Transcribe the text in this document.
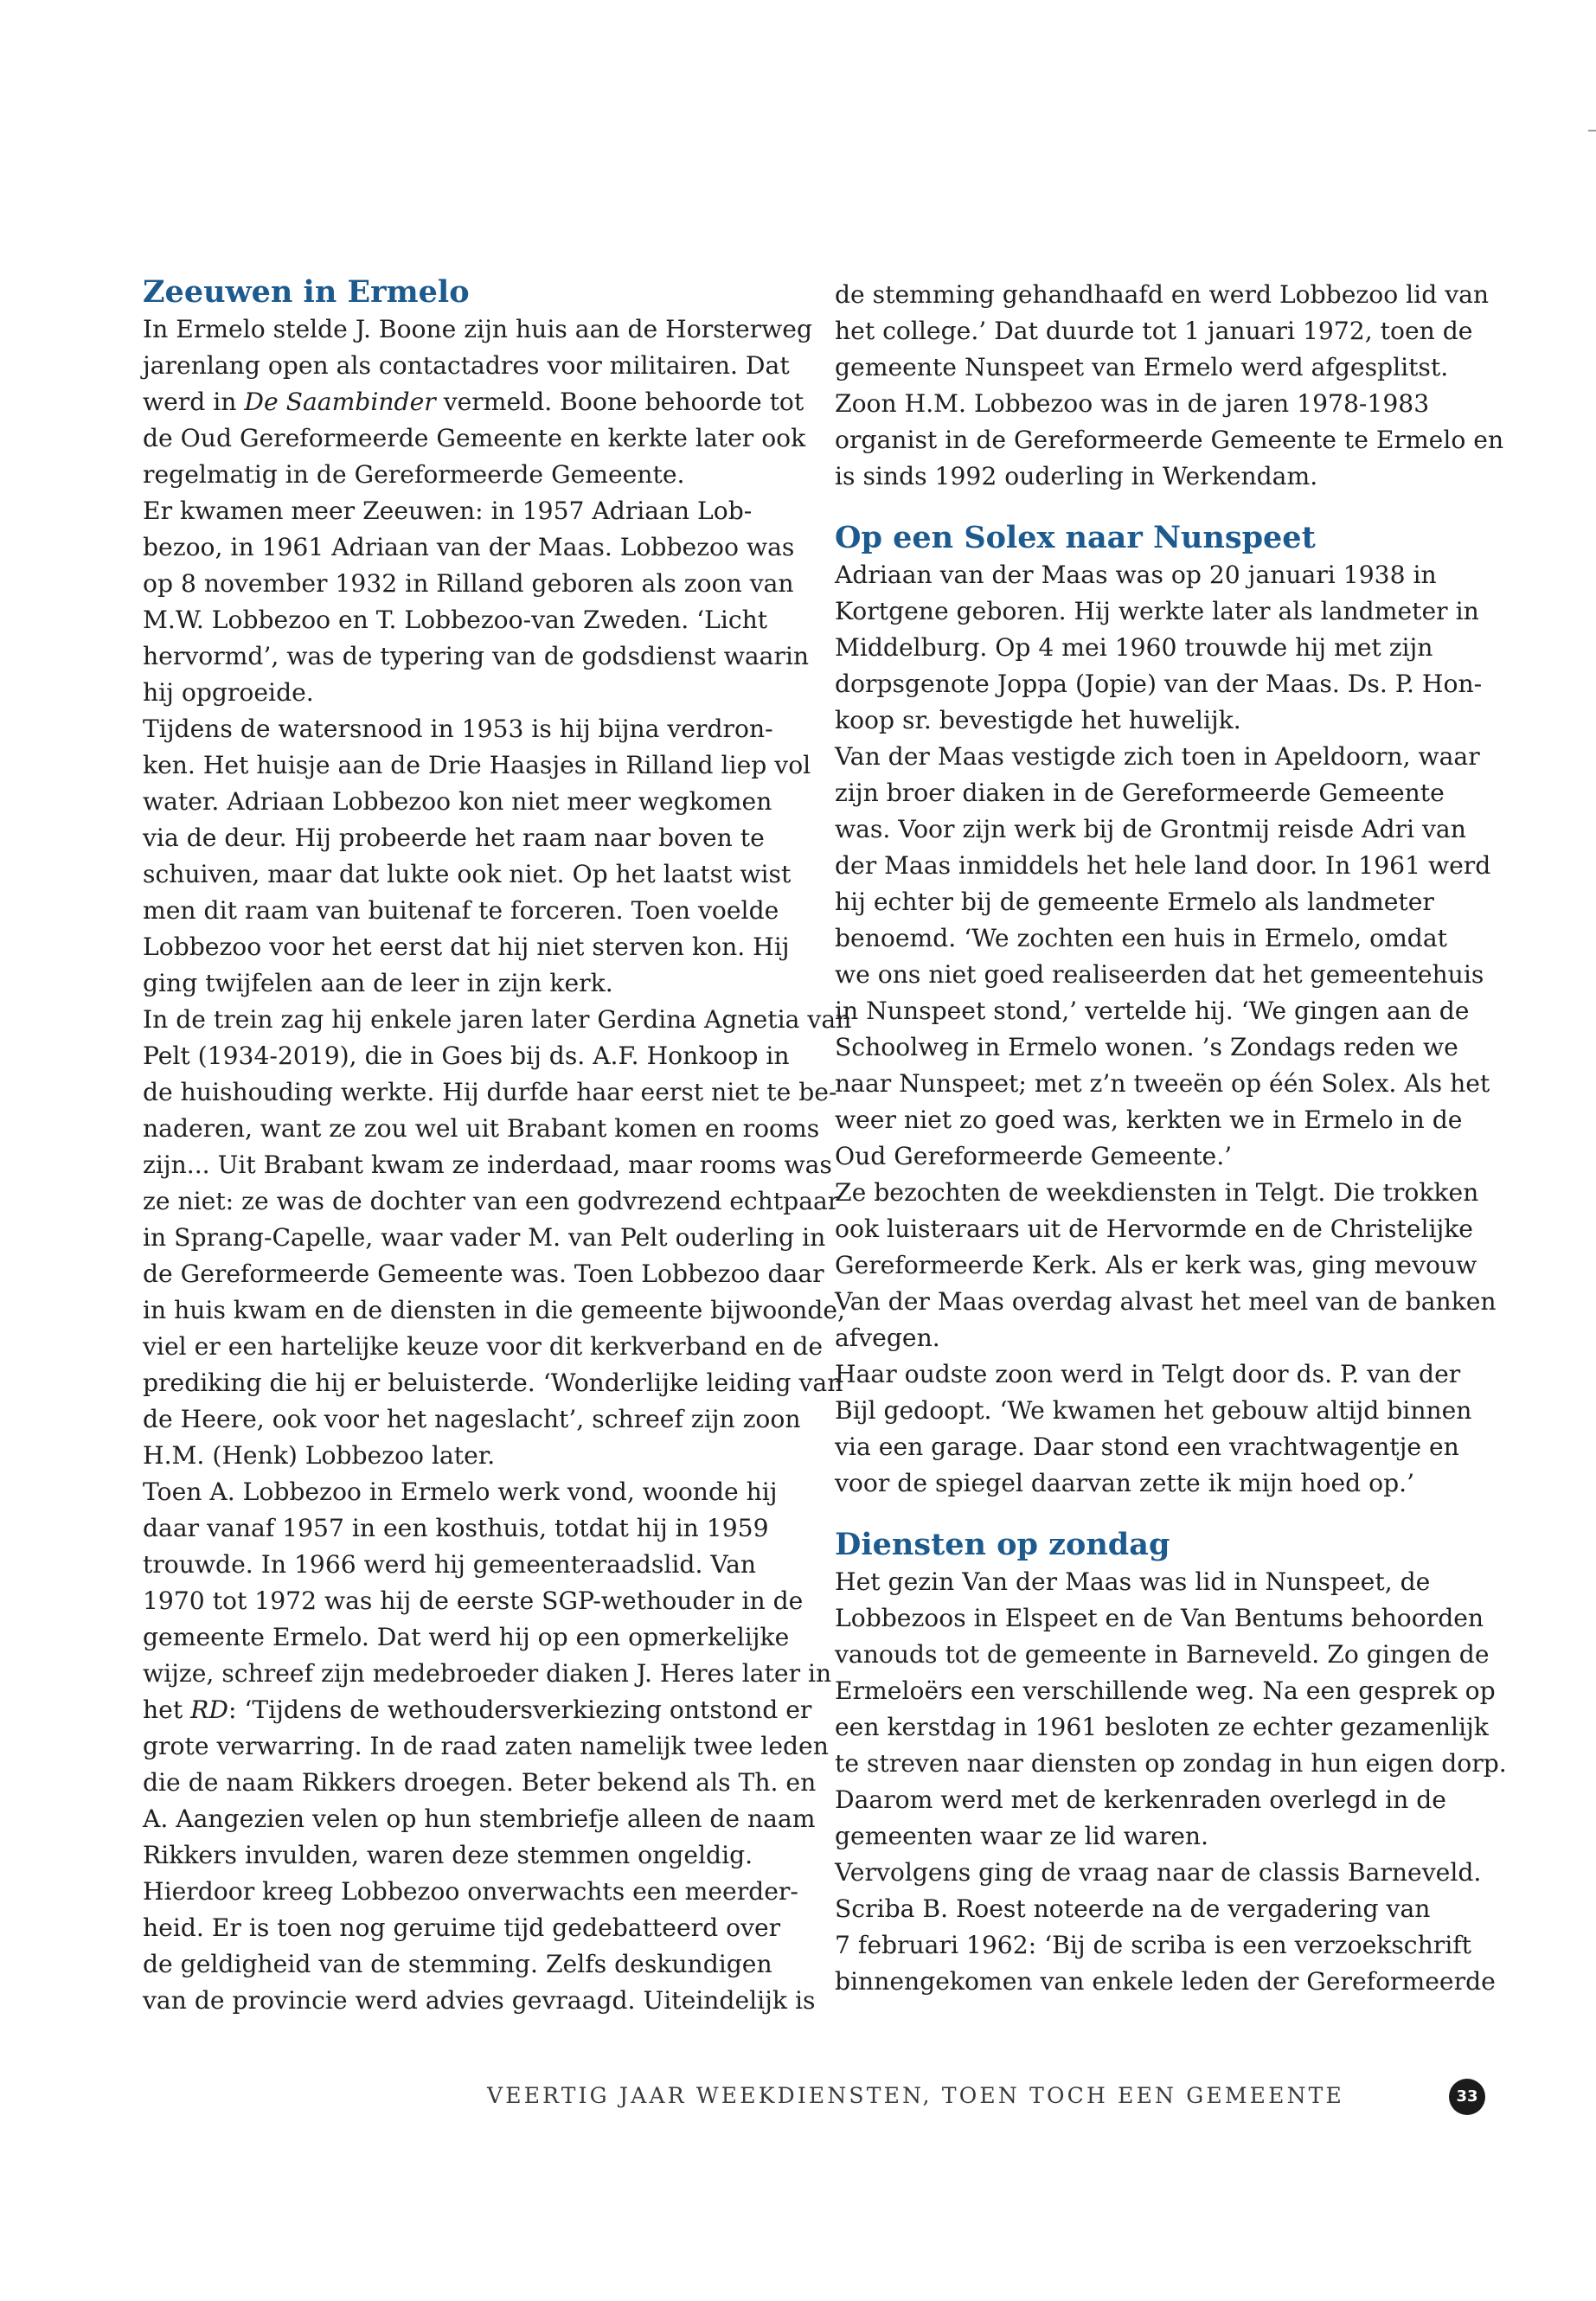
Zeeuwen in Ermelo
In Ermelo stelde J. Boone zijn huis aan de Horsterweg
jarenlang open als contactadres voor militairen. Dat
werd in De Saambinder vermeld. Boone behoorde tot
de Oud Gereformeerde Gemeente en kerkte later ook
regelmatig in de Gereformeerde Gemeente.
Er kwamen meer Zeeuwen: in 1957 Adriaan Lob-
bezoo, in 1961 Adriaan van der Maas. Lobbezoo was
op 8 november 1932 in Rilland geboren als zoon van
M.W. Lobbezoo en T. Lobbezoo-van Zweden. ‘Licht
hervormd’, was de typering van de godsdienst waarin
hij opgroeide.
Tijdens de watersnood in 1953 is hij bijna verdron-
ken. Het huisje aan de Drie Haasjes in Rilland liep vol
water. Adriaan Lobbezoo kon niet meer wegkomen
via de deur. Hij probeerde het raam naar boven te
schuiven, maar dat lukte ook niet. Op het laatst wist
men dit raam van buitenaf te forceren. Toen voelde
Lobbezoo voor het eerst dat hij niet sterven kon. Hij
ging twijfelen aan de leer in zijn kerk.
In de trein zag hij enkele jaren later Gerdina Agnetia van
Pelt (1934-2019), die in Goes bij ds. A.F. Honkoop in
de huishouding werkte. Hij durfde haar eerst niet te be-
naderen, want ze zou wel uit Brabant komen en rooms
zijn... Uit Brabant kwam ze inderdaad, maar rooms was
ze niet: ze was de dochter van een godvrezend echtpaar
in Sprang-Capelle, waar vader M. van Pelt ouderling in
de Gereformeerde Gemeente was. Toen Lobbezoo daar
in huis kwam en de diensten in die gemeente bijwoonde,
viel er een hartelijke keuze voor dit kerkverband en de
prediking die hij er beluisterde. ‘Wonderlijke leiding van
de Heere, ook voor het nageslacht’, schreef zijn zoon
H.M. (Henk) Lobbezoo later.
Toen A. Lobbezoo in Ermelo werk vond, woonde hij
daar vanaf 1957 in een kosthuis, totdat hij in 1959
trouwde. In 1966 werd hij gemeenteraadslid. Van
1970 tot 1972 was hij de eerste SGP-wethouder in de
gemeente Ermelo. Dat werd hij op een opmerkelijke
wijze, schreef zijn medebroeder diaken J. Heres later in
het RD: ‘Tijdens de wethoudersverkiezing ontstond er
grote verwarring. In de raad zaten namelijk twee leden
die de naam Rikkers droegen. Beter bekend als Th. en
A. Aangezien velen op hun stembriefje alleen de naam
Rikkers invulden, waren deze stemmen ongeldig.
Hierdoor kreeg Lobbezoo onverwachts een meerder-
heid. Er is toen nog geruime tijd gedebatteerd over
de geldigheid van de stemming. Zelfs deskundigen
van de provincie werd advies gevraagd. Uiteindelijk is
de stemming gehandhaafd en werd Lobbezoo lid van
het college.’ Dat duurde tot 1 januari 1972, toen de
gemeente Nunspeet van Ermelo werd afgesplitst.
Zoon H.M. Lobbezoo was in de jaren 1978-1983
organist in de Gereformeerde Gemeente te Ermelo en
is sinds 1992 ouderling in Werkendam.
Op een Solex naar Nunspeet
Adriaan van der Maas was op 20 januari 1938 in
Kortgene geboren. Hij werkte later als landmeter in
Middelburg. Op 4 mei 1960 trouwde hij met zijn
dorpsgenote Joppa (Jopie) van der Maas. Ds. P. Hon-
koop sr. bevestigde het huwelijk.
Van der Maas vestigde zich toen in Apeldoorn, waar
zijn broer diaken in de Gereformeerde Gemeente
was. Voor zijn werk bij de Grontmij reisde Adri van
der Maas inmiddels het hele land door. In 1961 werd
hij echter bij de gemeente Ermelo als landmeter
benoemd. ‘We zochten een huis in Ermelo, omdat
we ons niet goed realiseerden dat het gemeentehuis
in Nunspeet stond,’ vertelde hij. ‘We gingen aan de
Schoolweg in Ermelo wonen. ’s Zondags reden we
naar Nunspeet; met z’n tweeën op één Solex. Als het
weer niet zo goed was, kerkten we in Ermelo in de
Oud Gereformeerde Gemeente.’
Ze bezochten de weekdiensten in Telgt. Die trokken
ook luisteraars uit de Hervormde en de Christelijke
Gereformeerde Kerk. Als er kerk was, ging mevouw
Van der Maas overdag alvast het meel van de banken
afvegen.
Haar oudste zoon werd in Telgt door ds. P. van der
Bijl gedoopt. ‘We kwamen het gebouw altijd binnen
via een garage. Daar stond een vrachtwagentje en
voor de spiegel daarvan zette ik mijn hoed op.’
Diensten op zondag
Het gezin Van der Maas was lid in Nunspeet, de
Lobbezoos in Elspeet en de Van Bentums behoorden
vanouds tot de gemeente in Barneveld. Zo gingen de
Ermeloërs een verschillende weg. Na een gesprek op
een kerstdag in 1961 besloten ze echter gezamenlijk
te streven naar diensten op zondag in hun eigen dorp.
Daarom werd met de kerkenraden overlegd in de
gemeenten waar ze lid waren.
Vervolgens ging de vraag naar de classis Barneveld.
Scriba B. Roest noteerde na de vergadering van
7 februari 1962: ‘Bij de scriba is een verzoekschrift
binnengekomen van enkele leden der Gereformeerde
VEERTIG JAAR WEEKDIENSTEN, TOEN TOCH EEN GEMEENTE	33
